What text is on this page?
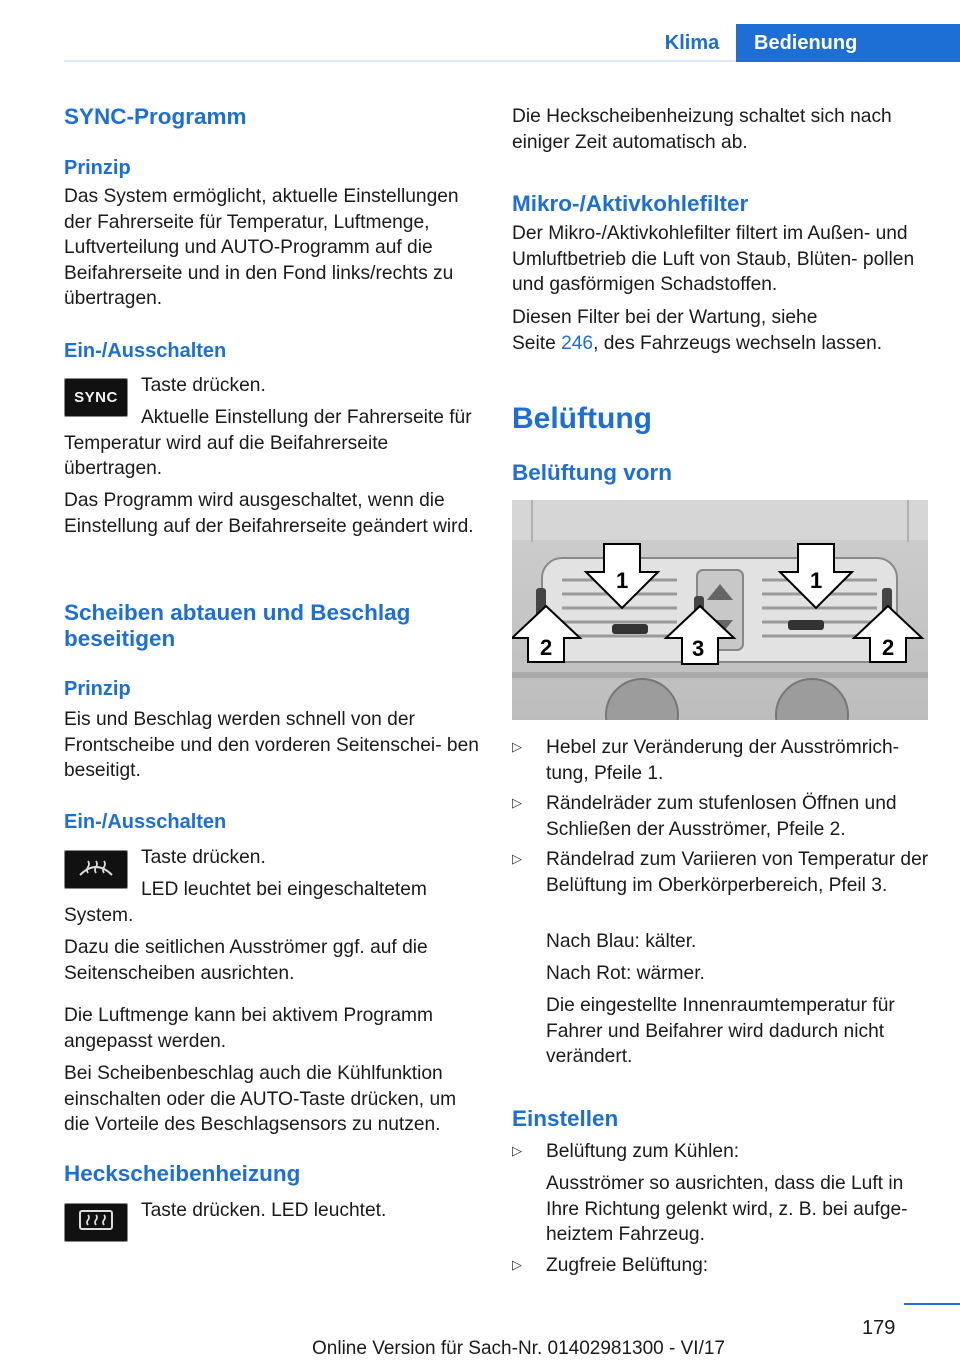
Klima	Bedienung
SYNC-Programm
Prinzip

Das System ermöglicht, aktuelle Einstellungen der Fahrerseite für Temperatur, Luftmenge, Luftverteilung und AUTO-Programm auf die Beifahrerseite und in den Fond links/rechts zu übertragen.

Ein-/Ausschalten
SYNC

Taste drücken.

Aktuelle Einstellung der Fahrerseite für Temperatur wird auf die Beifahrerseite übertragen.

Das Programm wird ausgeschaltet, wenn die Einstellung auf der Beifahrerseite geändert wird.

Scheiben abtauen und Beschlag beseitigen
Prinzip

Eis und Beschlag werden schnell von der Frontscheibe und den vorderen Seitenschei‐ ben beseitigt.

Ein-/Ausschalten

Taste drücken.

LED leuchtet bei eingeschaltetem System.

Dazu die seitlichen Ausströmer ggf. auf die Seitenscheiben ausrichten.

Die Luftmenge kann bei aktivem Programm angepasst werden.

Bei Scheibenbeschlag auch die Kühlfunktion einschalten oder die AUTO-Taste drücken, um die Vorteile des Beschlagsensors zu nutzen.

Heckscheibenheizung

Taste drücken. LED leuchtet.

Die Heckscheibenheizung schaltet sich nach einiger Zeit automatisch ab.

Mikro-/Aktivkohlefilter

Der Mikro-/Aktivkohlefilter filtert im Außen- und Umluftbetrieb die Luft von Staub, Blüten‐ pollen und gasförmigen Schadstoffen.

Diesen Filter bei der Wartung, siehe
Seite 246, des Fahrzeugs wechseln lassen.

Belüftung
Belüftung vorn
1	1
2	3	2
▷ Hebel zur Veränderung der Ausströmrich‐ tung, Pfeile 1.

▷ Rändelräder zum stufenlosen Öffnen und Schließen der Ausströmer, Pfeile 2.

▷ Rändelrad zum Variieren von Temperatur der Belüftung im Oberkörperbereich, Pfeil 3.

Nach Blau: kälter.

Nach Rot: wärmer.

Die eingestellte Innenraumtemperatur für Fahrer und Beifahrer wird dadurch nicht verändert.

Einstellen
▷ Belüftung zum Kühlen:

Ausströmer so ausrichten, dass die Luft in Ihre Richtung gelenkt wird, z. B. bei aufge‐ heiztem Fahrzeug.

▷ Zugfreie Belüftung:

179
Online Version für Sach-Nr. 01402981300 - VI/17
